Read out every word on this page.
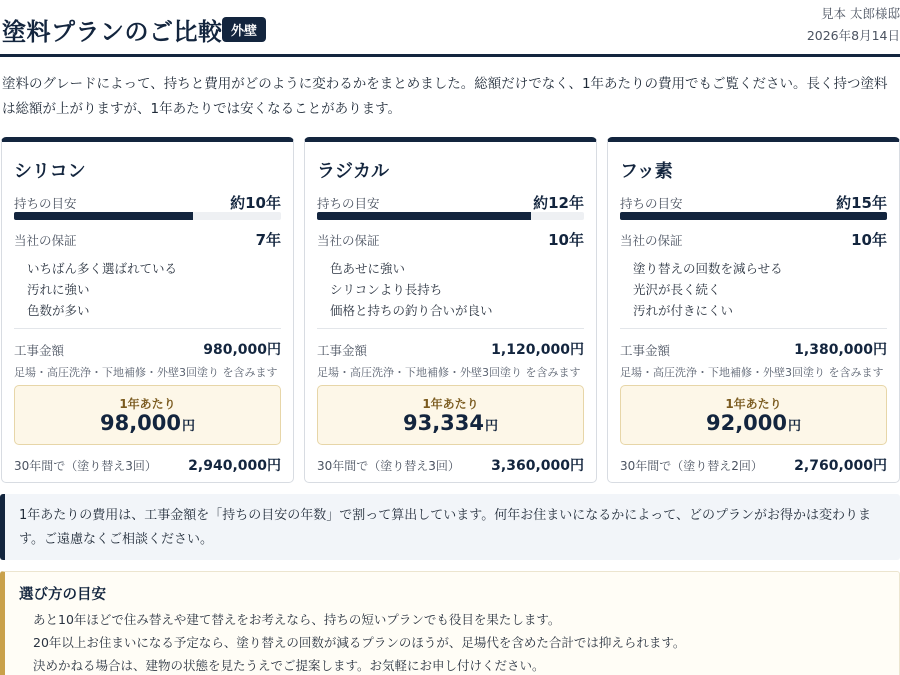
塗料プランのご比較 外壁
見本 太郎様邸
2026年8月14日

塗料のグレードによって、持ちと費用がどのように変わるかをまとめました。総額だけでなく、1年あたりの費用でもご覧ください。長く持つ塗料は総額が上がりますが、1年あたりでは安くなることがあります。

シリコン
持ちの目安	約10年
当社の保証	7年
いちばん多く選ばれている
汚れに強い
色数が多い
工事金額	980,000円
足場・高圧洗浄・下地補修・外壁3回塗り を含みます
1年あたり
98,000円
30年間で（塗り替え3回） 2,940,000円
ラジカル
持ちの目安	約12年
当社の保証	10年
色あせに強い
シリコンより長持ち
価格と持ちの釣り合いが良い
工事金額	1,120,000円
足場・高圧洗浄・下地補修・外壁3回塗り を含みます
1年あたり
93,334円
30年間で（塗り替え3回） 3,360,000円
フッ素
持ちの目安	約15年
当社の保証	10年
塗り替えの回数を減らせる
光沢が長く続く
汚れが付きにくい
工事金額	1,380,000円
足場・高圧洗浄・下地補修・外壁3回塗り を含みます
1年あたり
92,000円
30年間で（塗り替え2回） 2,760,000円
1年あたりの費用は、工事金額を「持ちの目安の年数」で割って算出しています。何年お住まいになるかによって、どのプランがお得かは変わります。ご遠慮なくご相談ください。
選び方の目安
あと10年ほどで住み替えや建て替えをお考えなら、持ちの短いプランでも役目を果たします。
20年以上お住まいになる予定なら、塗り替えの回数が減るプランのほうが、足場代を含めた合計では抑えられます。
決めかねる場合は、建物の状態を見たうえでご提案します。お気軽にお申し付けください。
